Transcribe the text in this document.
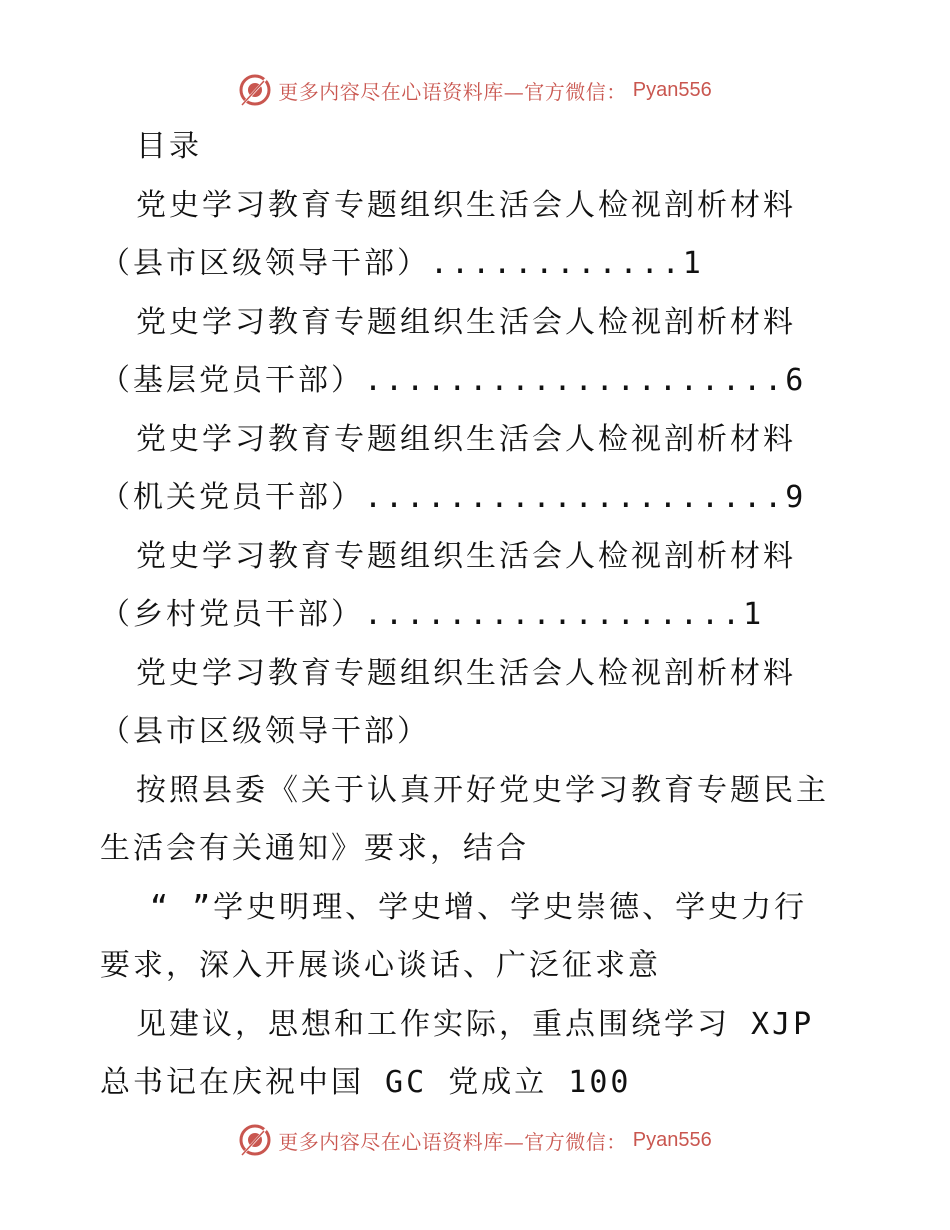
更多内容尽在心语资料库—官方微信： Pyan556
目录
党史学习教育专题组织生活会人检视剖析材料
（县市区级领导干部）............1
党史学习教育专题组织生活会人检视剖析材料
（基层党员干部）....................6
党史学习教育专题组织生活会人检视剖析材料
（机关党员干部）....................9
党史学习教育专题组织生活会人检视剖析材料
（乡村党员干部）..................1
党史学习教育专题组织生活会人检视剖析材料
（县市区级领导干部）
按照县委《关于认真开好党史学习教育专题民主
生活会有关通知》要求，结合
“ ”学史明理、学史增、学史崇德、学史力行
要求，深入开展谈心谈话、广泛征求意
见建议，思想和工作实际，重点围绕学习 XJP
总书记在庆祝中国 GC 党成立 100
更多内容尽在心语资料库—官方微信： Pyan556
